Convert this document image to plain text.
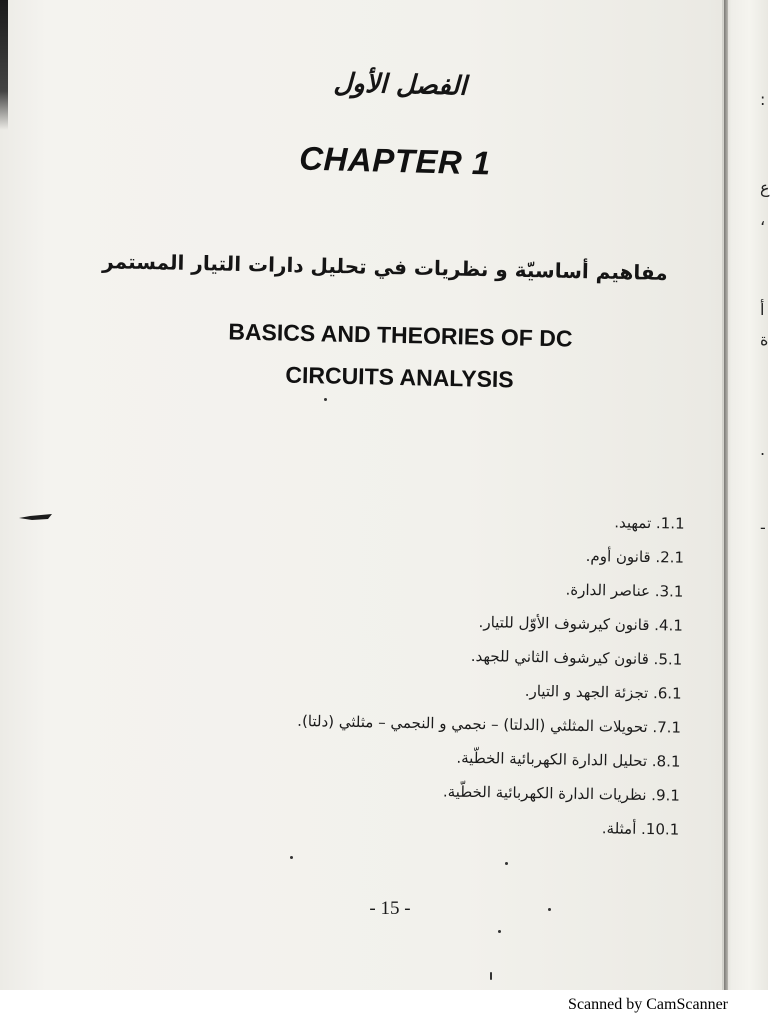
:
ع
،
أ
ة
.
-
الفصل الأول
CHAPTER 1
مفاهيم أساسيّة و نظريات في تحليل دارات التيار المستمر
BASICS AND THEORIES OF DC
CIRCUITS ANALYSIS
1.1. تمهيد.
2.1. قانون أوم.
3.1. عناصر الدارة.
4.1. قانون كيرشوف الأوّل للتيار.
5.1. قانون كيرشوف الثاني للجهد.
6.1. تجزئة الجهد و التيار.
7.1. تحويلات المثلثي (الدلتا) – نجمي و النجمي – مثلثي (دلتا).
8.1. تحليل الدارة الكهربائية الخطّية.
9.1. نظريات الدارة الكهربائية الخطّية.
10.1. أمثلة.
- 15 -
Scanned by CamScanner
